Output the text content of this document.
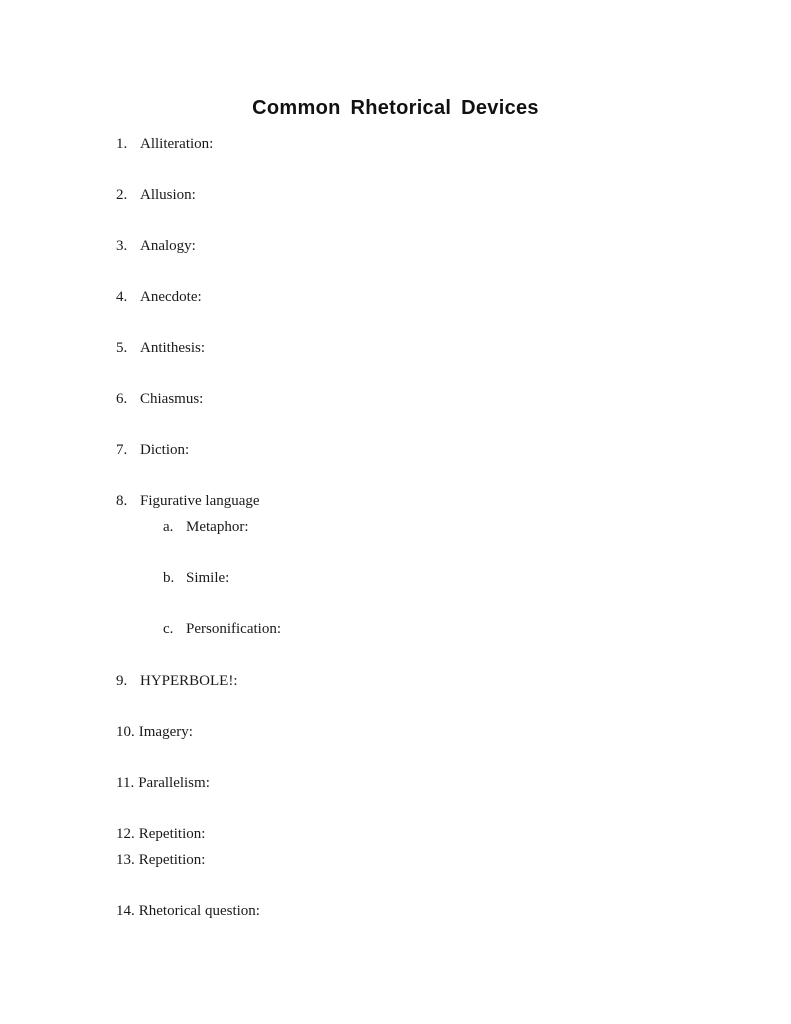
Common Rhetorical Devices
1. Alliteration:
2. Allusion:
3. Analogy:
4. Anecdote:
5. Antithesis:
6. Chiasmus:
7. Diction:
8. Figurative language
a. Metaphor:
b. Simile:
c. Personification:
9. HYPERBOLE!:
10. Imagery:
11. Parallelism:
12. Repetition:
13. Repetition:
14. Rhetorical question:
